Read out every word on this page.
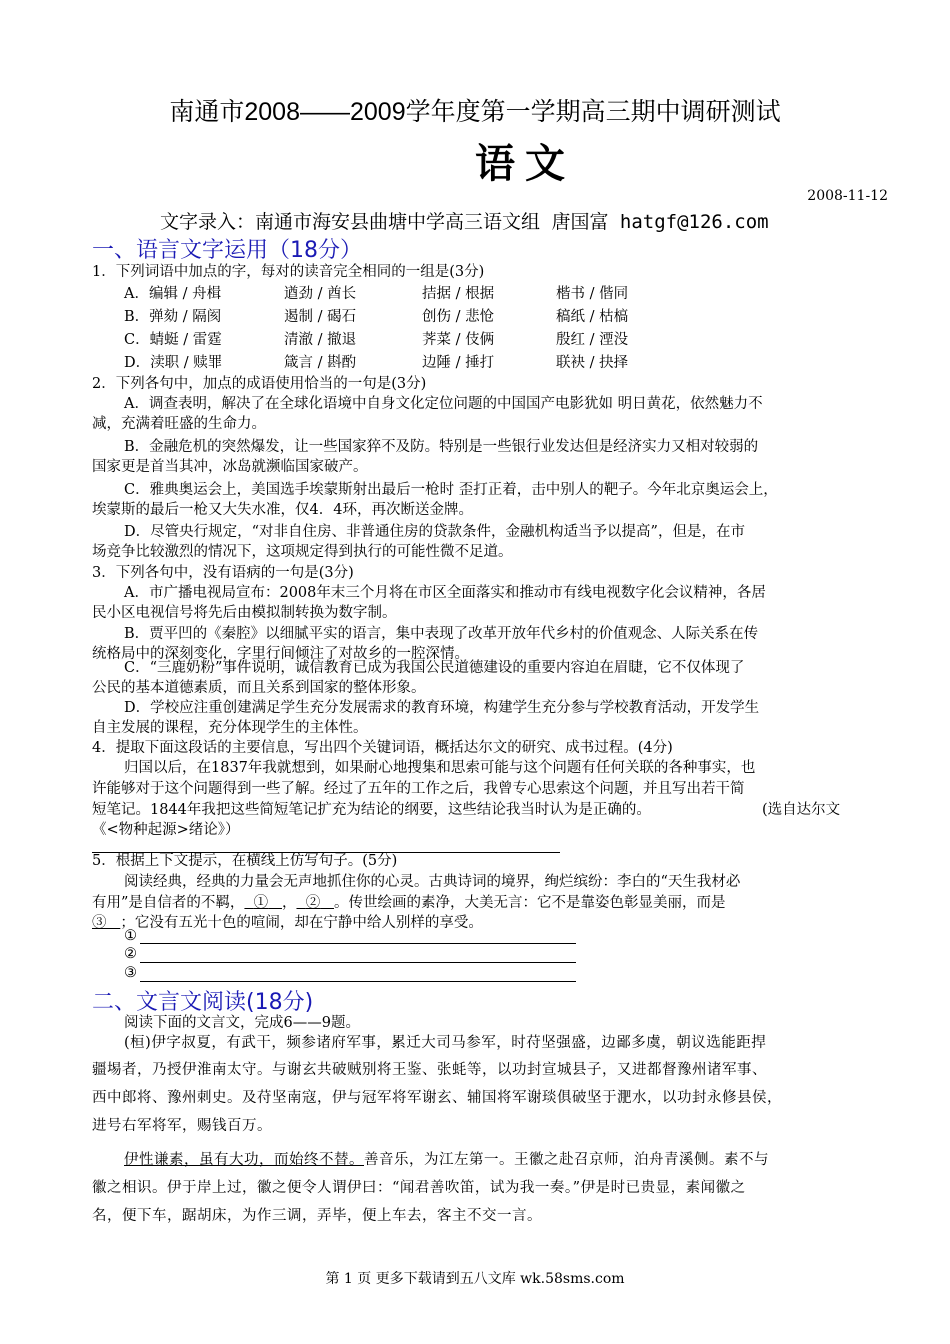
南通市2008——2009学年度第一学期高三期中调研测试
语文
2008-11-12
文字录入：南通市海安县曲塘中学高三语文组 唐国富 hatgf@126.com
一、语言文字运用（18分）
1．下列词语中加点的字，每对的读音完全相同的一组是(3分)
A．编辑 / 舟楫	遒劲 / 酋长	拮据 / 根据	楷书 / 偕同
B．弹劾 / 隔阂	遏制 / 碣石	创伤 / 悲怆	稿纸 / 枯槁
C．蜻蜓 / 雷霆	清澈 / 撤退	荠菜 / 伎俩	殷红 / 湮没
D．渎职 / 赎罪	箴言 / 斟酌	边陲 / 捶打	联袂 / 抉择
2．下列各句中，加点的成语使用恰当的一句是(3分)
A．调查表明，解决了在全球化语境中自身文化定位问题的中国国产电影犹如 明日黄花，依然魅力不
减，充满着旺盛的生命力。
B．金融危机的突然爆发，让一些国家猝不及防。特别是一些银行业发达但是经济实力又相对较弱的
国家更是首当其冲，冰岛就濒临国家破产。
C．雅典奥运会上，美国选手埃蒙斯射出最后一枪时 歪打正着，击中别人的靶子。今年北京奥运会上，
埃蒙斯的最后一枪又大失水准，仅4．4环，再次断送金牌。
D．尽管央行规定，“对非自住房、非普通住房的贷款条件，金融机构适当予以提高”，但是，在市
场竞争比较激烈的情况下，这项规定得到执行的可能性微不足道。
3．下列各句中，没有语病的一句是(3分)
A．市广播电视局宣布：2008年末三个月将在市区全面落实和推动市有线电视数字化会议精神，各居
民小区电视信号将先后由模拟制转换为数字制。
B．贾平凹的《秦腔》以细腻平实的语言，集中表现了改革开放年代乡村的价值观念、人际关系在传
统格局中的深刻变化，字里行间倾注了对故乡的一腔深情。
C．“三鹿奶粉”事件说明，诚信教育已成为我国公民道德建设的重要内容迫在眉睫，它不仅体现了
公民的基本道德素质，而且关系到国家的整体形象。
D．学校应注重创建满足学生充分发展需求的教育环境，构建学生充分参与学校教育活动，开发学生
自主发展的课程，充分体现学生的主体性。
4．提取下面这段话的主要信息，写出四个关键词语，概括达尔文的研究、成书过程。(4分)
归国以后，在1837年我就想到，如果耐心地搜集和思索可能与这个问题有任何关联的各种事实，也
许能够对于这个问题得到一些了解。经过了五年的工作之后，我曾专心思索这个问题，并且写出若干简
短笔记。1844年我把这些简短笔记扩充为结论的纲要，这些结论我当时认为是正确的。	(选自达尔文
《<物种起源>绪论》）
5．根据上下文提示，在横线上仿写句子。(5分)
阅读经典，经典的力量会无声地抓住你的心灵。古典诗词的境界，绚烂缤纷：李白的“天生我材必
有用”是自信者的不羁， ① ， ② 。传世绘画的素净，大美无言：它不是靠姿色彰显美丽，而是
③ ；它没有五光十色的喧闹，却在宁静中给人别样的享受。
①
②
③
二、文言文阅读(18分)
阅读下面的文言文，完成6——9题。
(桓)伊字叔夏，有武干，频参诸府军事，累迁大司马参军，时苻坚强盛，边鄙多虞，朝议选能距捍
疆埸者，乃授伊淮南太守。与谢玄共破贼别将王鉴、张蚝等，以功封宣城县子，又进都督豫州诸军事、
西中郎将、豫州刺史。及苻坚南寇，伊与冠军将军谢玄、辅国将军谢琰俱破坚于淝水，以功封永修县侯，
进号右军将军，赐钱百万。
伊性谦素，虽有大功，而始终不替。善音乐，为江左第一。王徽之赴召京师，泊舟青溪侧。素不与
徽之相识。伊于岸上过，徽之便令人谓伊曰：“闻君善吹笛，试为我一奏。”伊是时已贵显，素闻徽之
名，便下车，踞胡床，为作三调，弄毕，便上车去，客主不交一言。
第 1 页 更多下载请到五八文库 wk.58sms.com
